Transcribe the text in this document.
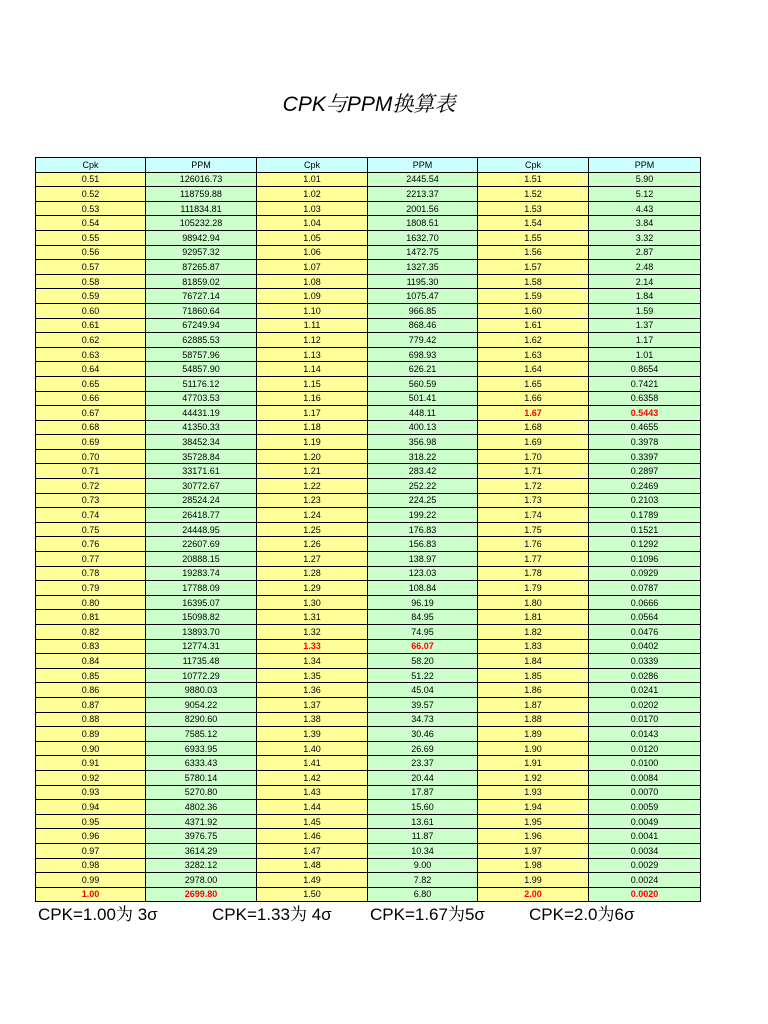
CPK与PPM换算表
Cpk	PPM	Cpk	PPM	Cpk	PPM
0.51	126016.73	1.01	2445.54	1.51	5.90
0.52	118759.88	1.02	2213.37	1.52	5.12
0.53	111834.81	1.03	2001.56	1.53	4.43
0.54	105232.28	1.04	1808.51	1.54	3.84
0.55	98942.94	1.05	1632.70	1.55	3.32
0.56	92957.32	1.06	1472.75	1.56	2.87
0.57	87265.87	1.07	1327.35	1.57	2.48
0.58	81859.02	1.08	1195.30	1.58	2.14
0.59	76727.14	1.09	1075.47	1.59	1.84
0.60	71860.64	1.10	966.85	1.60	1.59
0.61	67249.94	1.11	868.46	1.61	1.37
0.62	62885.53	1.12	779.42	1.62	1.17
0.63	58757.96	1.13	698.93	1.63	1.01
0.64	54857.90	1.14	626.21	1.64	0.8654
0.65	51176.12	1.15	560.59	1.65	0.7421
0.66	47703.53	1.16	501.41	1.66	0.6358
0.67	44431.19	1.17	448.11	1.67	0.5443
0.68	41350.33	1.18	400.13	1.68	0.4655
0.69	38452.34	1.19	356.98	1.69	0.3978
0.70	35728.84	1.20	318.22	1.70	0.3397
0.71	33171.61	1.21	283.42	1.71	0.2897
0.72	30772.67	1.22	252.22	1.72	0.2469
0.73	28524.24	1.23	224.25	1.73	0.2103
0.74	26418.77	1.24	199.22	1.74	0.1789
0.75	24448.95	1.25	176.83	1.75	0.1521
0.76	22607.69	1.26	156.83	1.76	0.1292
0.77	20888.15	1.27	138.97	1.77	0.1096
0.78	19283.74	1.28	123.03	1.78	0.0929
0.79	17788.09	1.29	108.84	1.79	0.0787
0.80	16395.07	1.30	96.19	1.80	0.0666
0.81	15098.82	1.31	84.95	1.81	0.0564
0.82	13893.70	1.32	74.95	1.82	0.0476
0.83	12774.31	1.33	66.07	1.83	0.0402
0.84	11735.48	1.34	58.20	1.84	0.0339
0.85	10772.29	1.35	51.22	1.85	0.0286
0.86	9880.03	1.36	45.04	1.86	0.0241
0.87	9054.22	1.37	39.57	1.87	0.0202
0.88	8290.60	1.38	34.73	1.88	0.0170
0.89	7585.12	1.39	30.46	1.89	0.0143
0.90	6933.95	1.40	26.69	1.90	0.0120
0.91	6333.43	1.41	23.37	1.91	0.0100
0.92	5780.14	1.42	20.44	1.92	0.0084
0.93	5270.80	1.43	17.87	1.93	0.0070
0.94	4802.36	1.44	15.60	1.94	0.0059
0.95	4371.92	1.45	13.61	1.95	0.0049
0.96	3976.75	1.46	11.87	1.96	0.0041
0.97	3614.29	1.47	10.34	1.97	0.0034
0.98	3282.12	1.48	9.00	1.98	0.0029
0.99	2978.00	1.49	7.82	1.99	0.0024
1.00	2699.80	1.50	6.80	2.00	0.0020
CPK=1.00为 3σ	CPK=1.33为 4σ	CPK=1.67为5σ	CPK=2.0为6σ
